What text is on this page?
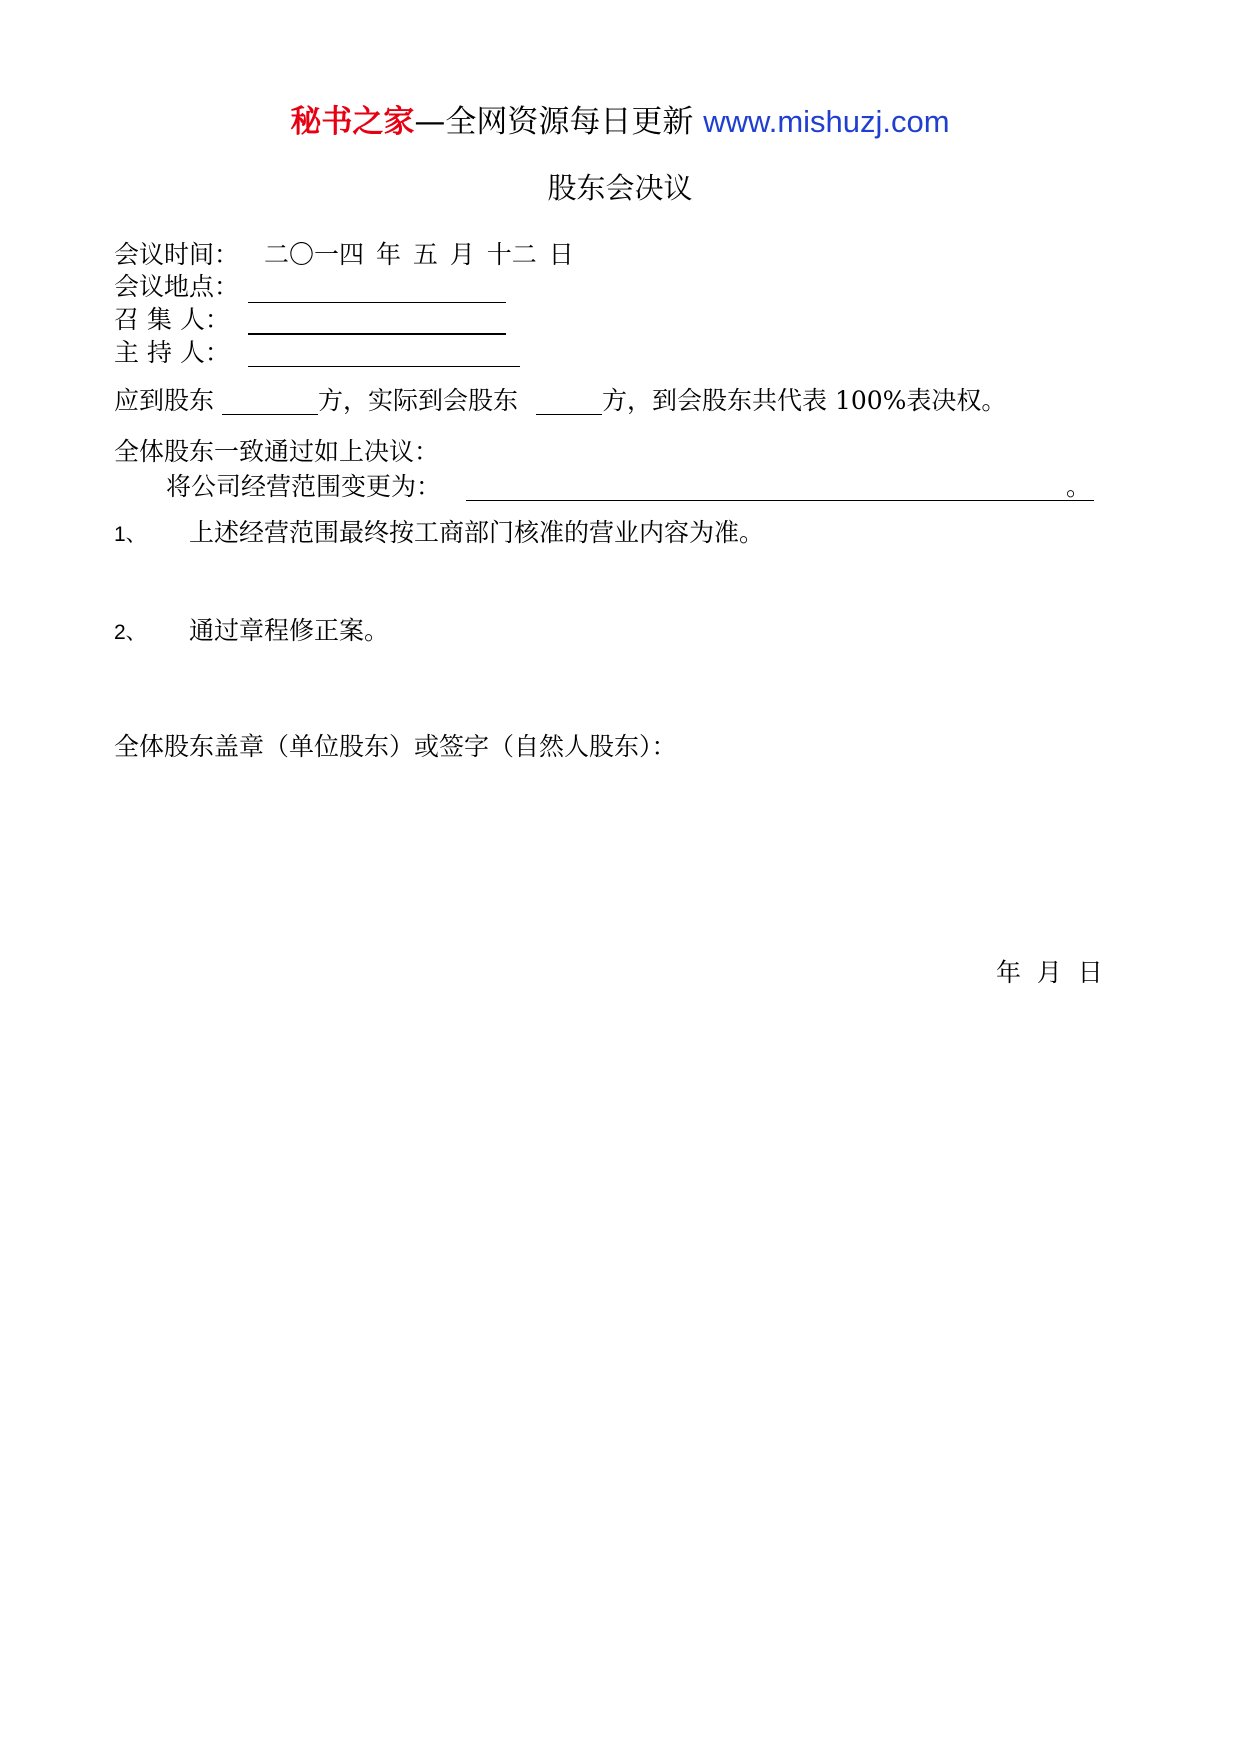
秘书之家—全网资源每日更新 www.mishuzj.com
股东会决议
会议时间： 二〇一四 年 五 月 十二 日
会议地点：
召 集 人：
主 持 人：
应到股东	方，实际到会股东	方，到会股东共代表 100%表决权。
全体股东一致通过如上决议：
将公司经营范围变更为：	。
1、 上述经营范围最终按工商部门核准的营业内容为准。
2、 通过章程修正案。
全体股东盖章（单位股东）或签字（自然人股东）：
年  月  日
